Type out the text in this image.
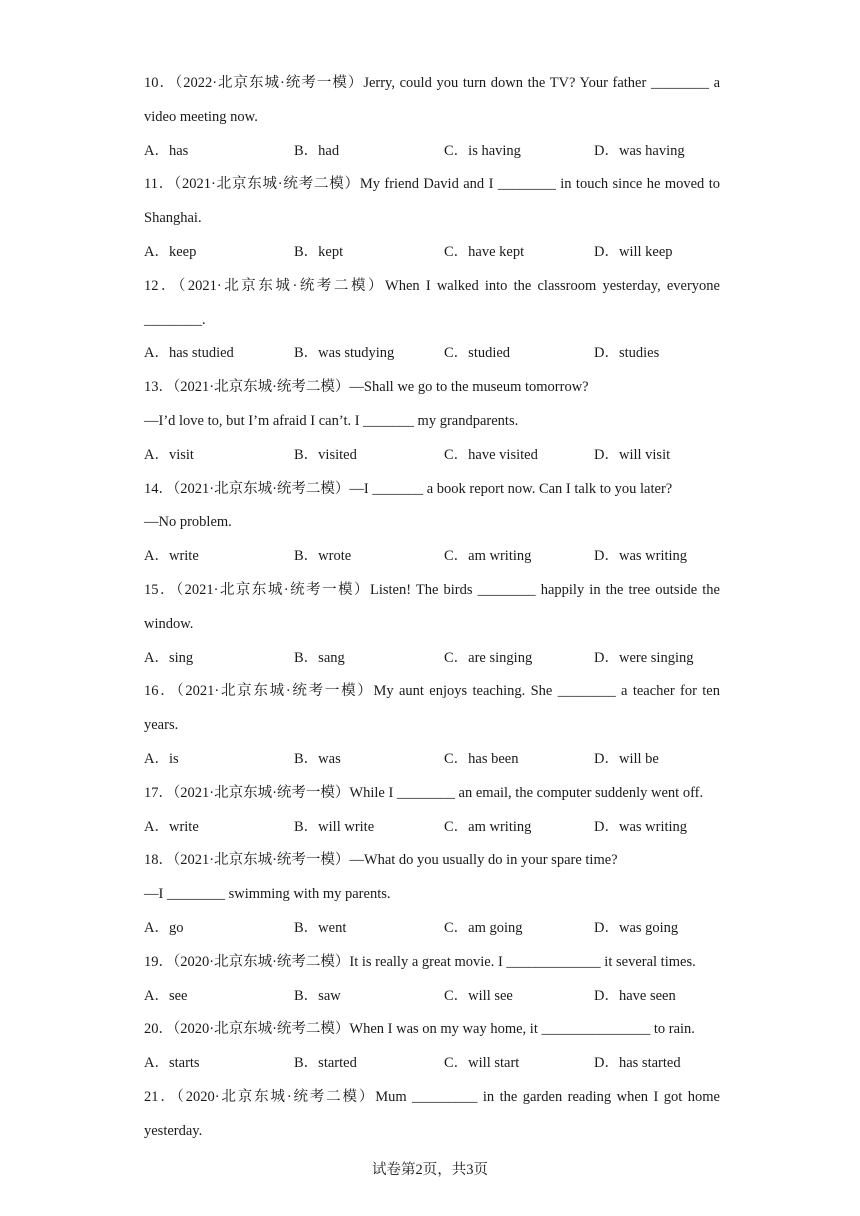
10．（2022·北京东城·统考一模）Jerry, could you turn down the TV? Your father ________ a
video meeting now.
A．has	B．had	C．is having	D．was having
11．（2021·北京东城·统考二模）My friend David and I ________ in touch since he moved to
Shanghai.
A．keep	B．kept	C．have kept	D．will keep
12．（2021·北京东城·统考二模）When I walked into the classroom yesterday, everyone
________.
A．has studied	B．was studying	C．studied	D．studies
13．（2021·北京东城·统考二模）—Shall we go to the museum tomorrow?
—I’d love to, but I’m afraid I can’t. I _______ my grandparents.
A．visit	B．visited	C．have visited	D．will visit
14．（2021·北京东城·统考二模）—I _______ a book report now. Can I talk to you later?
—No problem.
A．write	B．wrote	C．am writing	D．was writing
15．（2021·北京东城·统考一模）Listen! The birds ________ happily in the tree outside the
window.
A．sing	B．sang	C．are singing	D．were singing
16．（2021·北京东城·统考一模）My aunt enjoys teaching. She ________ a teacher for ten
years.
A．is	B．was	C．has been	D．will be
17．（2021·北京东城·统考一模）While I ________ an email, the computer suddenly went off.
A．write	B．will write	C．am writing	D．was writing
18．（2021·北京东城·统考一模）—What do you usually do in your spare time?
—I ________ swimming with my parents.
A．go	B．went	C．am going	D．was going
19．（2020·北京东城·统考二模）It is really a great movie. I _____________ it several times.
A．see	B．saw	C．will see	D．have seen
20．（2020·北京东城·统考二模）When I was on my way home, it _______________ to rain.
A．starts	B．started	C．will start	D．has started
21．（2020·北京东城·统考二模）Mum _________ in the garden reading when I got home
yesterday.
试卷第2页，共3页
